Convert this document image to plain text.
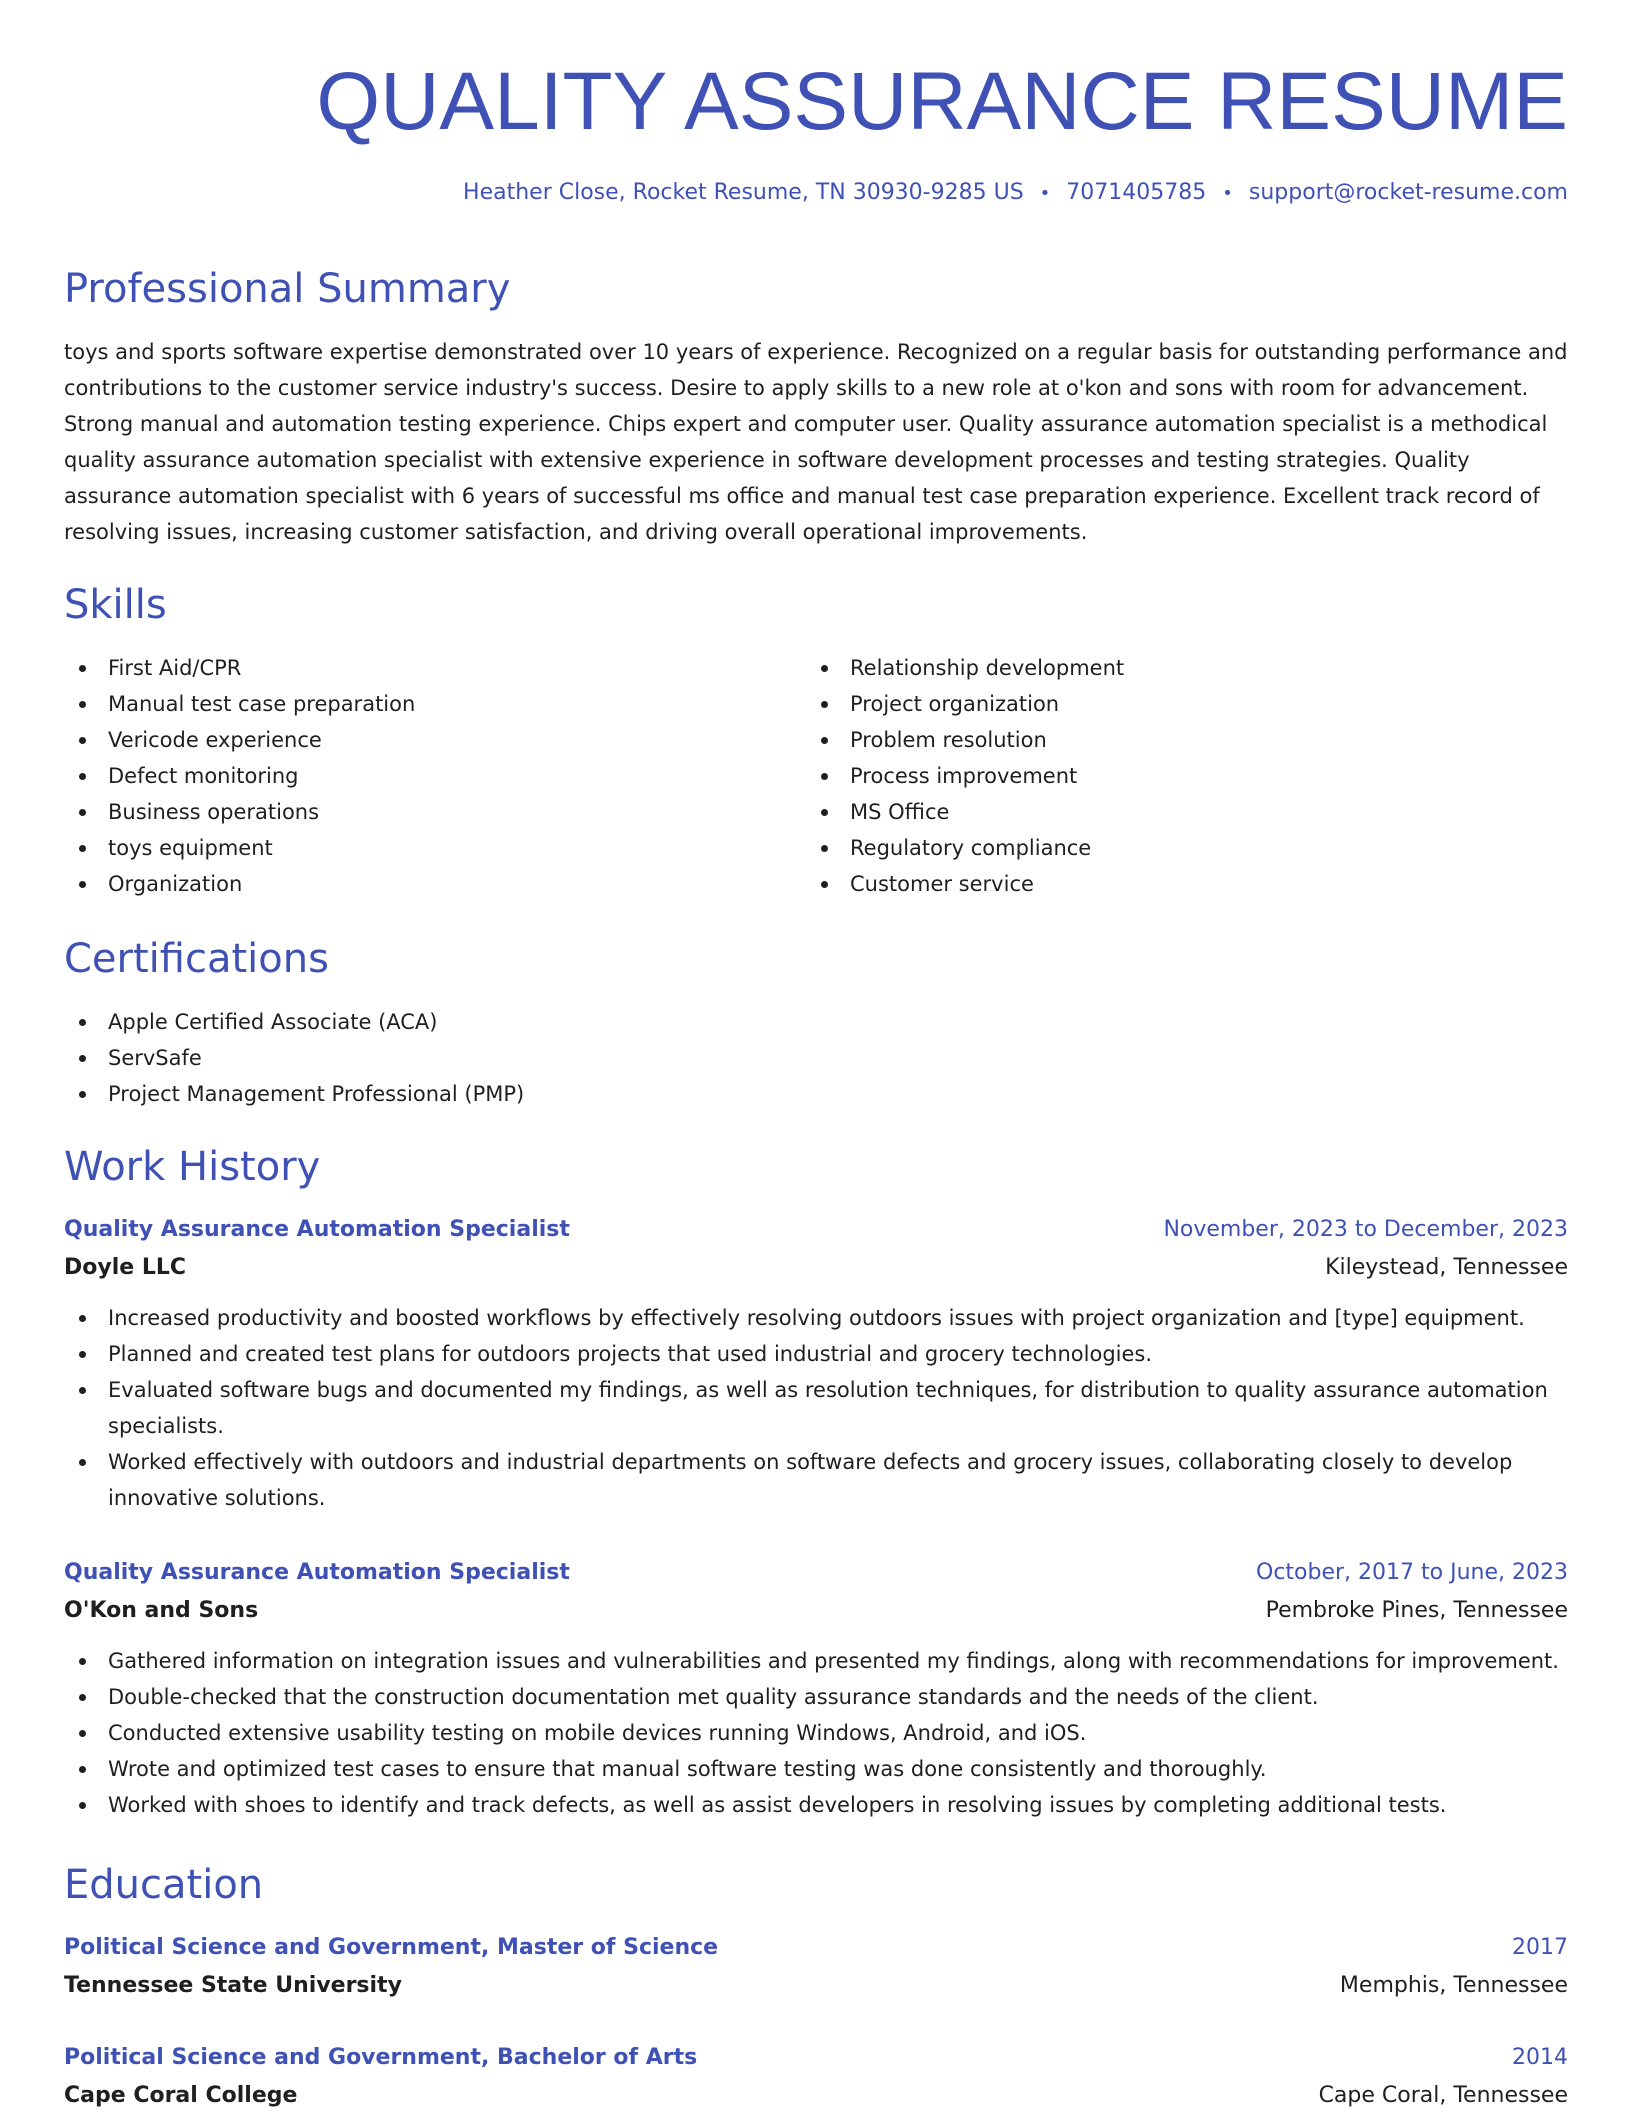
QUALITY ASSURANCE RESUME
Heather Close, Rocket Resume, TN 30930-9285 US • 7071405785 • support@rocket-resume.com
Professional Summary

toys and sports software expertise demonstrated over 10 years of experience. Recognized on a regular basis for outstanding performance and contributions to the customer service industry's success. Desire to apply skills to a new role at o'kon and sons with room for advancement. Strong manual and automation testing experience. Chips expert and computer user. Quality assurance automation specialist is a methodical quality assurance automation specialist with extensive experience in software development processes and testing strategies. Quality assurance automation specialist with 6 years of successful ms office and manual test case preparation experience. Excellent track record of resolving issues, increasing customer satisfaction, and driving overall operational improvements.

Skills
First Aid/CPR
Manual test case preparation
Vericode experience
Defect monitoring
Business operations
toys equipment
Organization
Relationship development
Project organization
Problem resolution
Process improvement
MS Office
Regulatory compliance
Customer service
Certifications
Apple Certified Associate (ACA)
ServSafe
Project Management Professional (PMP)
Work History
Quality Assurance Automation Specialist	November, 2023 to December, 2023
Doyle LLC	Kileystead, Tennessee
Increased productivity and boosted workflows by effectively resolving outdoors issues with project organization and [type] equipment.
Planned and created test plans for outdoors projects that used industrial and grocery technologies.
Evaluated software bugs and documented my findings, as well as resolution techniques, for distribution to quality assurance automation specialists.
Worked effectively with outdoors and industrial departments on software defects and grocery issues, collaborating closely to develop innovative solutions.
Quality Assurance Automation Specialist	October, 2017 to June, 2023
O'Kon and Sons	Pembroke Pines, Tennessee
Gathered information on integration issues and vulnerabilities and presented my findings, along with recommendations for improvement.
Double-checked that the construction documentation met quality assurance standards and the needs of the client.
Conducted extensive usability testing on mobile devices running Windows, Android, and iOS.
Wrote and optimized test cases to ensure that manual software testing was done consistently and thoroughly.
Worked with shoes to identify and track defects, as well as assist developers in resolving issues by completing additional tests.
Education
Political Science and Government, Master of Science	2017
Tennessee State University	Memphis, Tennessee
Political Science and Government, Bachelor of Arts	2014
Cape Coral College	Cape Coral, Tennessee
